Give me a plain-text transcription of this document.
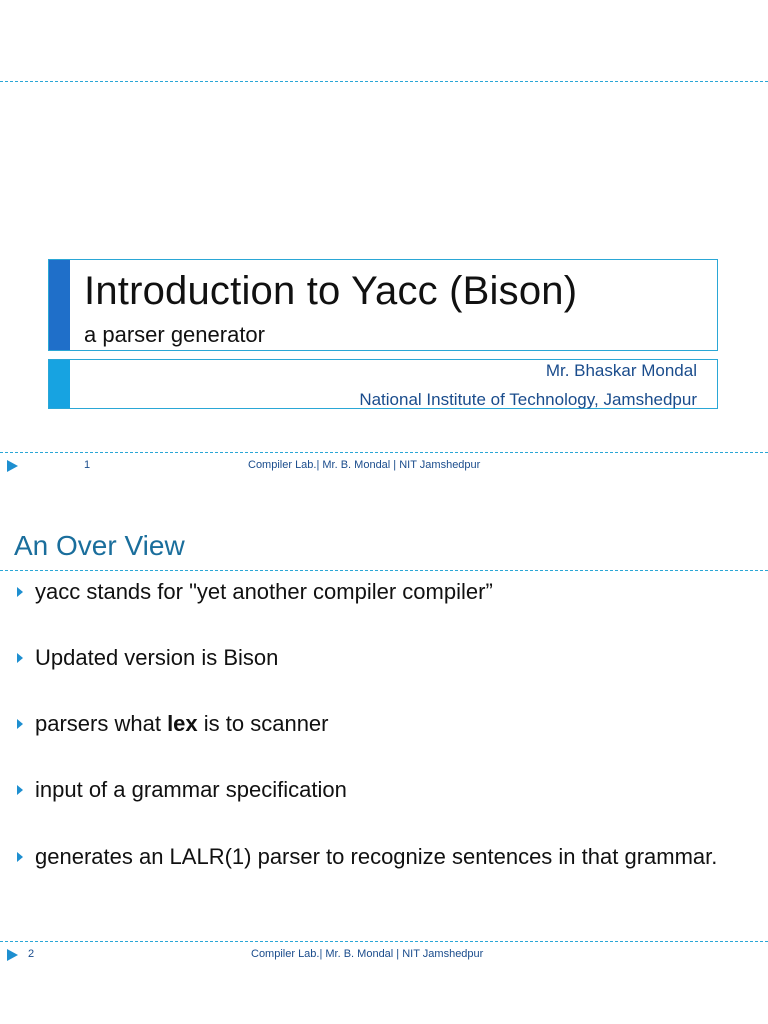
Introduction to Yacc (Bison)
a parser generator
Mr. Bhaskar Mondal
National Institute of Technology, Jamshedpur
1	Compiler Lab.| Mr. B. Mondal | NIT Jamshedpur
An Over View
yacc stands for "yet another compiler compiler”
Updated version is Bison
parsers what lex is to scanner
input of a grammar specification
generates an LALR(1) parser to recognize sentences in that grammar.
2	Compiler Lab.| Mr. B. Mondal | NIT Jamshedpur
